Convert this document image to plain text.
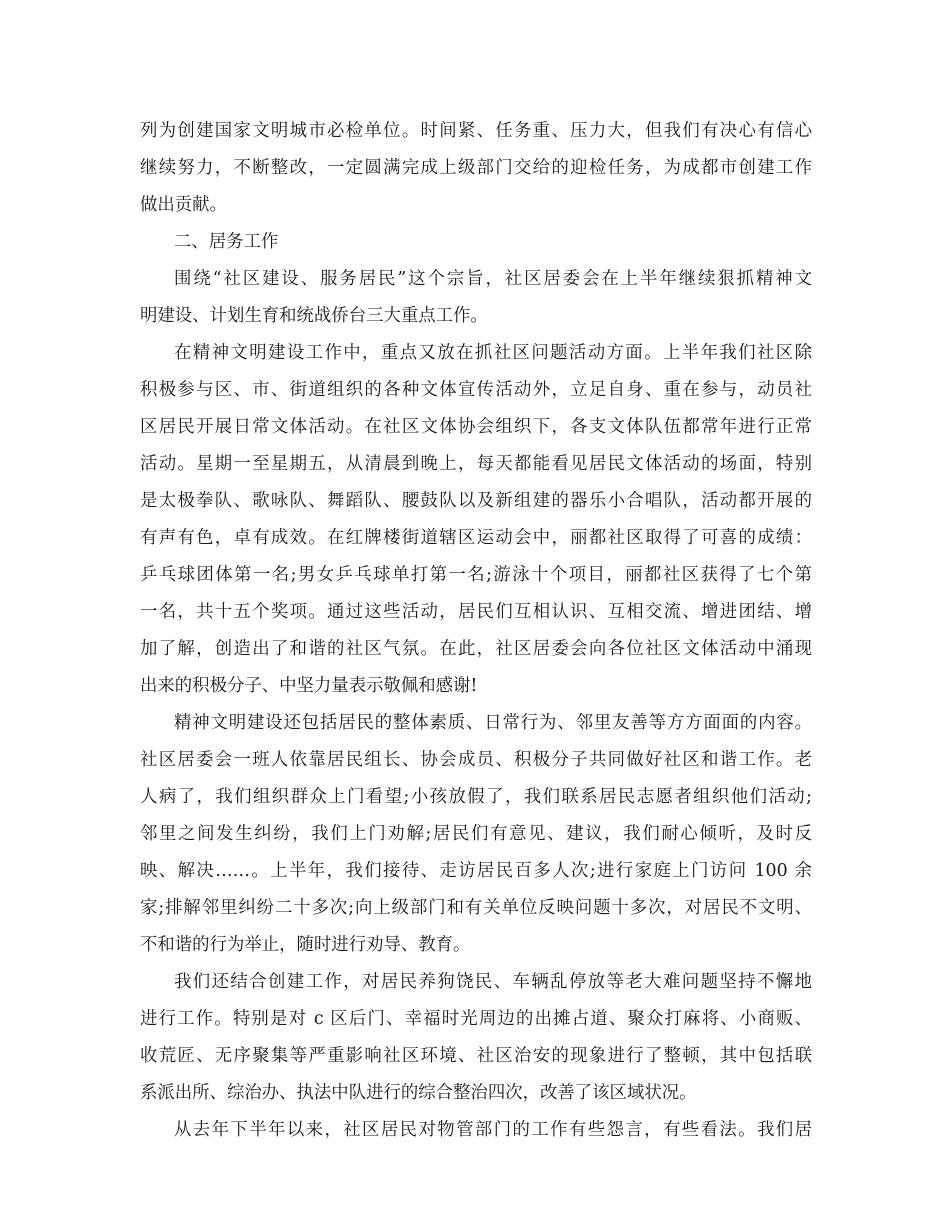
列为创建国家文明城市必检单位。时间紧、任务重、压力大，但我们有决心有信心
继续努力，不断整改，一定圆满完成上级部门交给的迎检任务，为成都市创建工作
做出贡献。
二、居务工作
围绕“社区建设、服务居民”这个宗旨，社区居委会在上半年继续狠抓精神文
明建设、计划生育和统战侨台三大重点工作。
在精神文明建设工作中，重点又放在抓社区问题活动方面。上半年我们社区除
积极参与区、市、街道组织的各种文体宣传活动外，立足自身、重在参与，动员社
区居民开展日常文体活动。在社区文体协会组织下，各支文体队伍都常年进行正常
活动。星期一至星期五，从清晨到晚上，每天都能看见居民文体活动的场面，特别
是太极拳队、歌咏队、舞蹈队、腰鼓队以及新组建的器乐小合唱队，活动都开展的
有声有色，卓有成效。在红牌楼街道辖区运动会中，丽都社区取得了可喜的成绩：
乒乓球团体第一名;男女乒乓球单打第一名;游泳十个项目，丽都社区获得了七个第
一名，共十五个奖项。通过这些活动，居民们互相认识、互相交流、增进团结、增
加了解，创造出了和谐的社区气氛。在此，社区居委会向各位社区文体活动中涌现
出来的积极分子、中坚力量表示敬佩和感谢!
精神文明建设还包括居民的整体素质、日常行为、邻里友善等方方面面的内容。
社区居委会一班人依靠居民组长、协会成员、积极分子共同做好社区和谐工作。老
人病了，我们组织群众上门看望;小孩放假了，我们联系居民志愿者组织他们活动;
邻里之间发生纠纷，我们上门劝解;居民们有意见、建议，我们耐心倾听，及时反
映、解决……。上半年，我们接待、走访居民百多人次;进行家庭上门访问 100 余
家;排解邻里纠纷二十多次;向上级部门和有关单位反映问题十多次，对居民不文明、
不和谐的行为举止，随时进行劝导、教育。
我们还结合创建工作，对居民养狗饶民、车辆乱停放等老大难问题坚持不懈地
进行工作。特别是对 c 区后门、幸福时光周边的出摊占道、聚众打麻将、小商贩、
收荒匠、无序聚集等严重影响社区环境、社区治安的现象进行了整顿，其中包括联
系派出所、综治办、执法中队进行的综合整治四次，改善了该区域状况。
从去年下半年以来，社区居民对物管部门的工作有些怨言，有些看法。我们居
